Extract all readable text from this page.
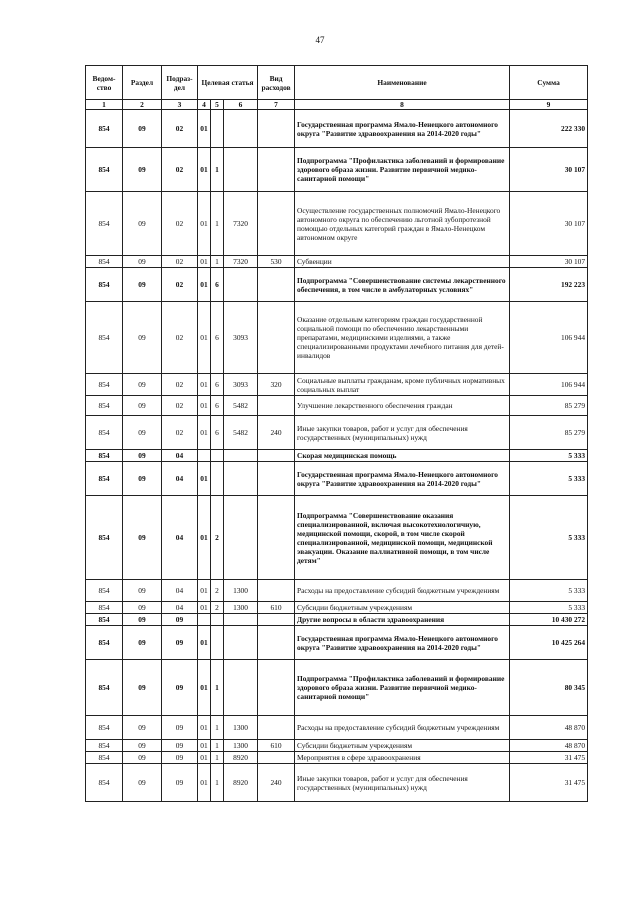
47
Ведом-
ство	Раздел	Подраз-
дел	Целевая статья			Вид
расходов	Наименование	Сумма
1	2	3	4	5	6	7	8	9
854	09	02	01				Государственная программа Ямало-Ненецкого автономного округа "Развитие здравоохранения на 2014-2020 годы"	222 330
854	09	02	01	1			Подпрограмма "Профилактика заболеваний и формирование здорового образа жизни. Развитие первичной медико-санитарной помощи"	30 107
854	09	02	01	1	7320		Осуществление государственных полномочий Ямало-Ненецкого автономного округа по обеспечению льготной зубопротезной помощью отдельных категорий граждан в Ямало-Ненецком автономном округе	30 107
854	09	02	01	1	7320	530	Субвенции	30 107
854	09	02	01	6			Подпрограмма "Совершенствование системы лекарственного обеспечения, в том числе в амбулаторных условиях"	192 223
854	09	02	01	6	3093		Оказание отдельным категориям граждан государственной социальной помощи по обеспечению лекарственными препаратами, медицинскими изделиями, а также специализированными продуктами лечебного питания для детей-инвалидов	106 944
854	09	02	01	6	3093	320	Социальные выплаты гражданам, кроме публичных нормативных социальных выплат	106 944
854	09	02	01	6	5482		Улучшение лекарственного обеспечения граждан	85 279
854	09	02	01	6	5482	240	Иные закупки товаров, работ и услуг для обеспечения государственных (муниципальных) нужд	85 279
854	09	04					Скорая медицинская помощь	5 333
854	09	04	01				Государственная программа Ямало-Ненецкого автономного округа "Развитие здравоохранения на 2014-2020 годы"	5 333
854	09	04	01	2			Подпрограмма "Совершенствование оказания специализированной, включая высокотехнологичную, медицинской помощи, скорой, в том числе скорой специализированной, медицинской помощи, медицинской эвакуации. Оказание паллиативной помощи, в том числе детям"	5 333
854	09	04	01	2	1300		Расходы на предоставление субсидий бюджетным учреждениям	5 333
854	09	04	01	2	1300	610	Субсидии бюджетным учреждениям	5 333
854	09	09					Другие вопросы в области здравоохранения	10 430 272
854	09	09	01				Государственная программа Ямало-Ненецкого автономного округа "Развитие здравоохранения на 2014-2020 годы"	10 425 264
854	09	09	01	1			Подпрограмма "Профилактика заболеваний и формирование здорового образа жизни. Развитие первичной медико-санитарной помощи"	80 345
854	09	09	01	1	1300		Расходы на предоставление субсидий бюджетным учреждениям	48 870
854	09	09	01	1	1300	610	Субсидии бюджетным учреждениям	48 870
854	09	09	01	1	8920		Мероприятия в сфере здравоохранения	31 475
854	09	09	01	1	8920	240	Иные закупки товаров, работ и услуг для обеспечения государственных (муниципальных) нужд	31 475
